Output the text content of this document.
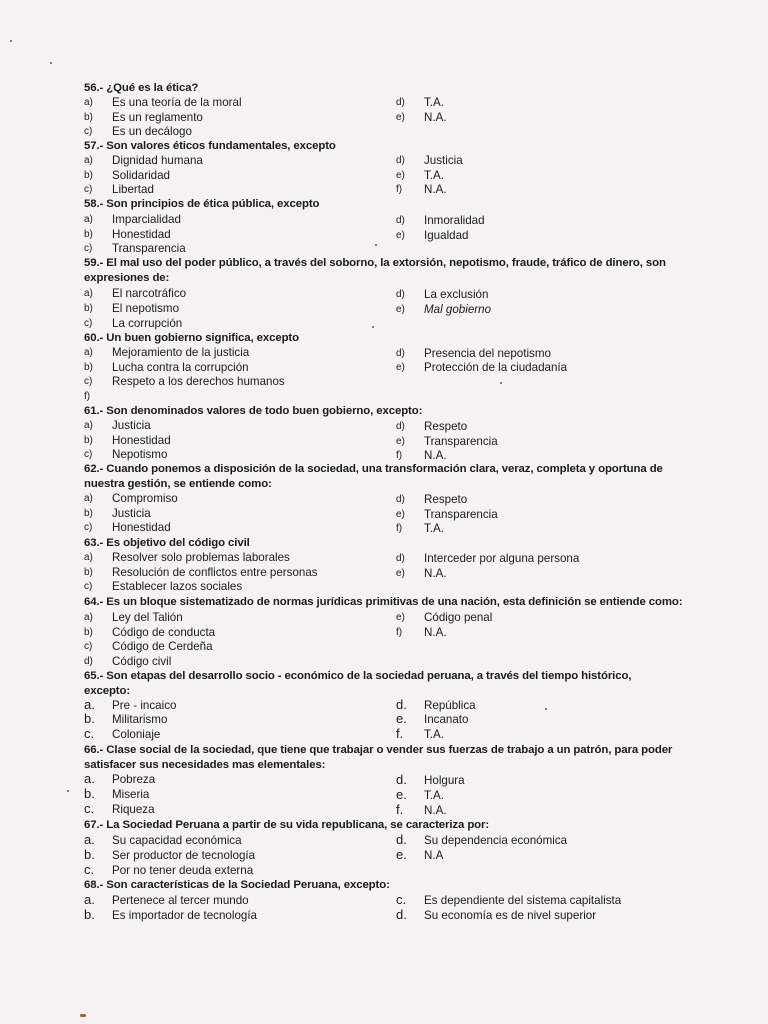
56.- ¿Qué es la ética?
a) Es una teoría de la moral
b) Es un reglamento
c) Es un decálogo
d) T.A.
e) N.A.
57.- Son valores éticos fundamentales, excepto
a) Dignidad humana
b) Solidaridad
c) Libertad
d) Justicia
e) T.A.
f) N.A.
58.- Son principios de ética pública, excepto
a) Imparcialidad
b) Honestidad
c) Transparencia
d) Inmoralidad
e) Igualdad
59.- El mal uso del poder público, a través del soborno, la extorsión, nepotismo, fraude, tráfico de dinero, son expresiones de:
a) El narcotráfico
b) El nepotismo
c) La corrupción
d) La exclusión
e) Mal gobierno
60.- Un buen gobierno significa, excepto
a) Mejoramiento de la justicia
b) Lucha contra la corrupción
c) Respeto a los derechos humanos
f)
d) Presencia del nepotismo
e) Protección de la ciudadanía
61.- Son denominados valores de todo buen gobierno, excepto:
a) Justicia
b) Honestidad
c) Nepotismo
d) Respeto
e) Transparencia
f) N.A.
62.- Cuando ponemos a disposición de la sociedad, una transformación clara, veraz, completa y oportuna de nuestra gestión, se entiende como:
a) Compromiso
b) Justicia
c) Honestidad
d) Respeto
e) Transparencia
f) T.A.
63.- Es objetivo del código civil
a) Resolver solo problemas laborales
b) Resolución de conflictos entre personas
c) Establecer lazos sociales
d) Interceder por alguna persona
e) N.A.
64.- Es un bloque sistematizado de normas jurídicas primitivas de una nación, esta definición se entiende como:
a) Ley del Talión
b) Código de conducta
c) Código de Cerdeña
d) Código civil
e) Código penal
f) N.A.
65.- Son etapas del desarrollo socio - económico de la sociedad peruana, a través del tiempo histórico, excepto:
a. Pre - incaico
b. Militarismo
c. Coloniaje
d. República
e. Incanato
f. T.A.
66.- Clase social de la sociedad, que tiene que trabajar o vender sus fuerzas de trabajo a un patrón, para poder satisfacer sus necesidades mas elementales:
a. Pobreza
b. Miseria
c. Riqueza
d. Holgura
e. T.A.
f. N.A.
67.- La Sociedad Peruana a partir de su vida republicana, se caracteriza por:
a. Su capacidad económica
b. Ser productor de tecnología
c. Por no tener deuda externa
d. Su dependencia económica
e. N.A
68.- Son características de la Sociedad Peruana, excepto:
a. Pertenece al tercer mundo
b. Es importador de tecnología
c. Es dependiente del sistema capitalista
d. Su economía es de nivel superior
